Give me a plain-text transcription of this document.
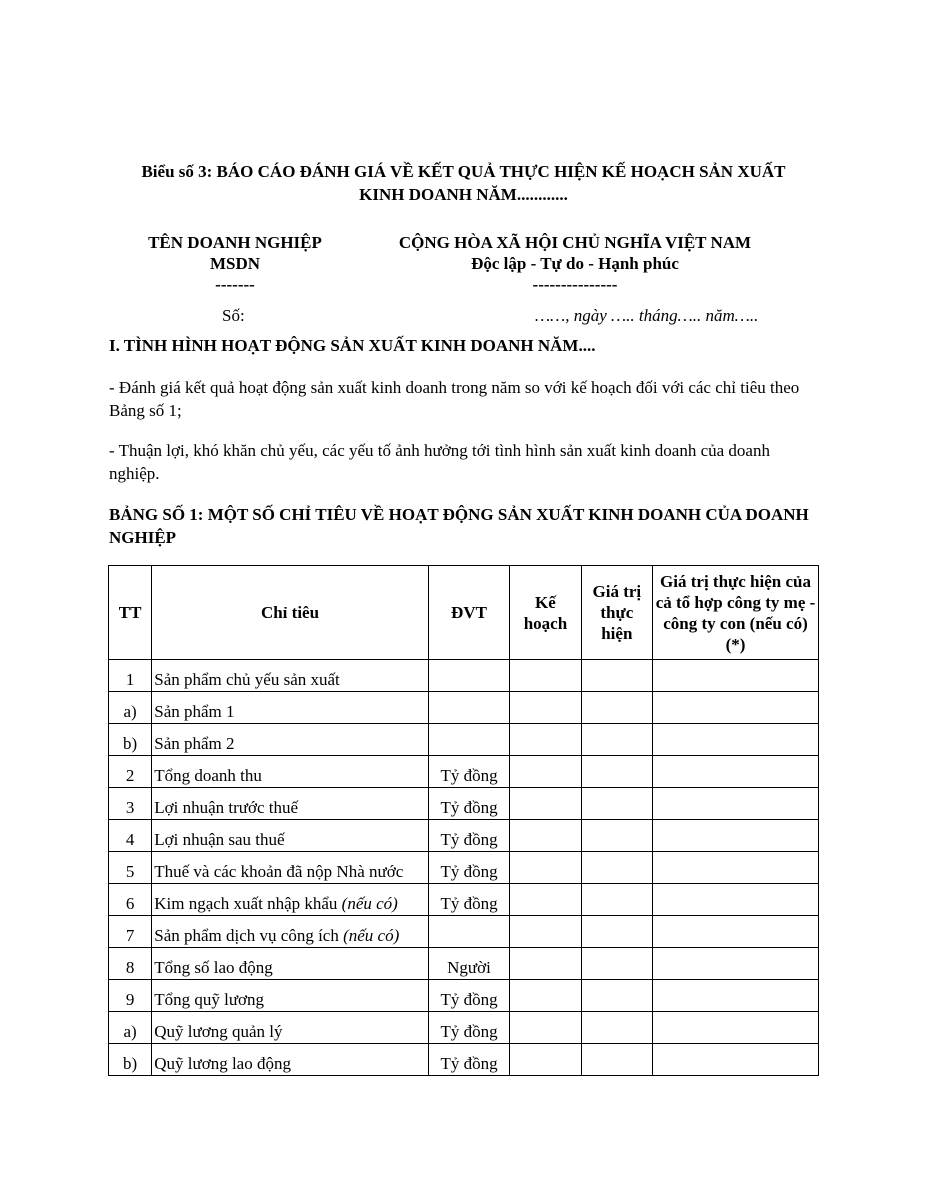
Biểu số 3: BÁO CÁO ĐÁNH GIÁ VỀ KẾT QUẢ THỰC HIỆN KẾ HOẠCH SẢN XUẤT
KINH DOANH NĂM............
TÊN DOANH NGHIỆP
MSDN
-------
CỘNG HÒA XÃ HỘI CHỦ NGHĨA VIỆT NAM
Độc lập - Tự do - Hạnh phúc
---------------
Số:	……, ngày ….. tháng….. năm…..
I. TÌNH HÌNH HOẠT ĐỘNG SẢN XUẤT KINH DOANH NĂM....
- Đánh giá kết quả hoạt động sản xuất kinh doanh trong năm so với kế hoạch đối với các chỉ tiêu theo Bảng số 1;
- Thuận lợi, khó khăn chủ yếu, các yếu tố ảnh hưởng tới tình hình sản xuất kinh doanh của doanh nghiệp.
BẢNG SỐ 1: MỘT SỐ CHỈ TIÊU VỀ HOẠT ĐỘNG SẢN XUẤT KINH DOANH CỦA DOANH NGHIỆP
TT	Chỉ tiêu	ĐVT	Kế hoạch	Giá trị thực hiện	Giá trị thực hiện của cả tổ hợp công ty mẹ - công ty con (nếu có) (*)
1	Sản phẩm chủ yếu sản xuất				
a)	Sản phẩm 1				
b)	Sản phẩm 2				
2	Tổng doanh thu	Tỷ đồng			
3	Lợi nhuận trước thuế	Tỷ đồng			
4	Lợi nhuận sau thuế	Tỷ đồng			
5	Thuế và các khoản đã nộp Nhà nước	Tỷ đồng			
6	Kim ngạch xuất nhập khẩu (nếu có)	Tỷ đồng			
7	Sản phẩm dịch vụ công ích (nếu có)				
8	Tổng số lao động	Người			
9	Tổng quỹ lương	Tỷ đồng			
a)	Quỹ lương quản lý	Tỷ đồng			
b)	Quỹ lương lao động	Tỷ đồng			
